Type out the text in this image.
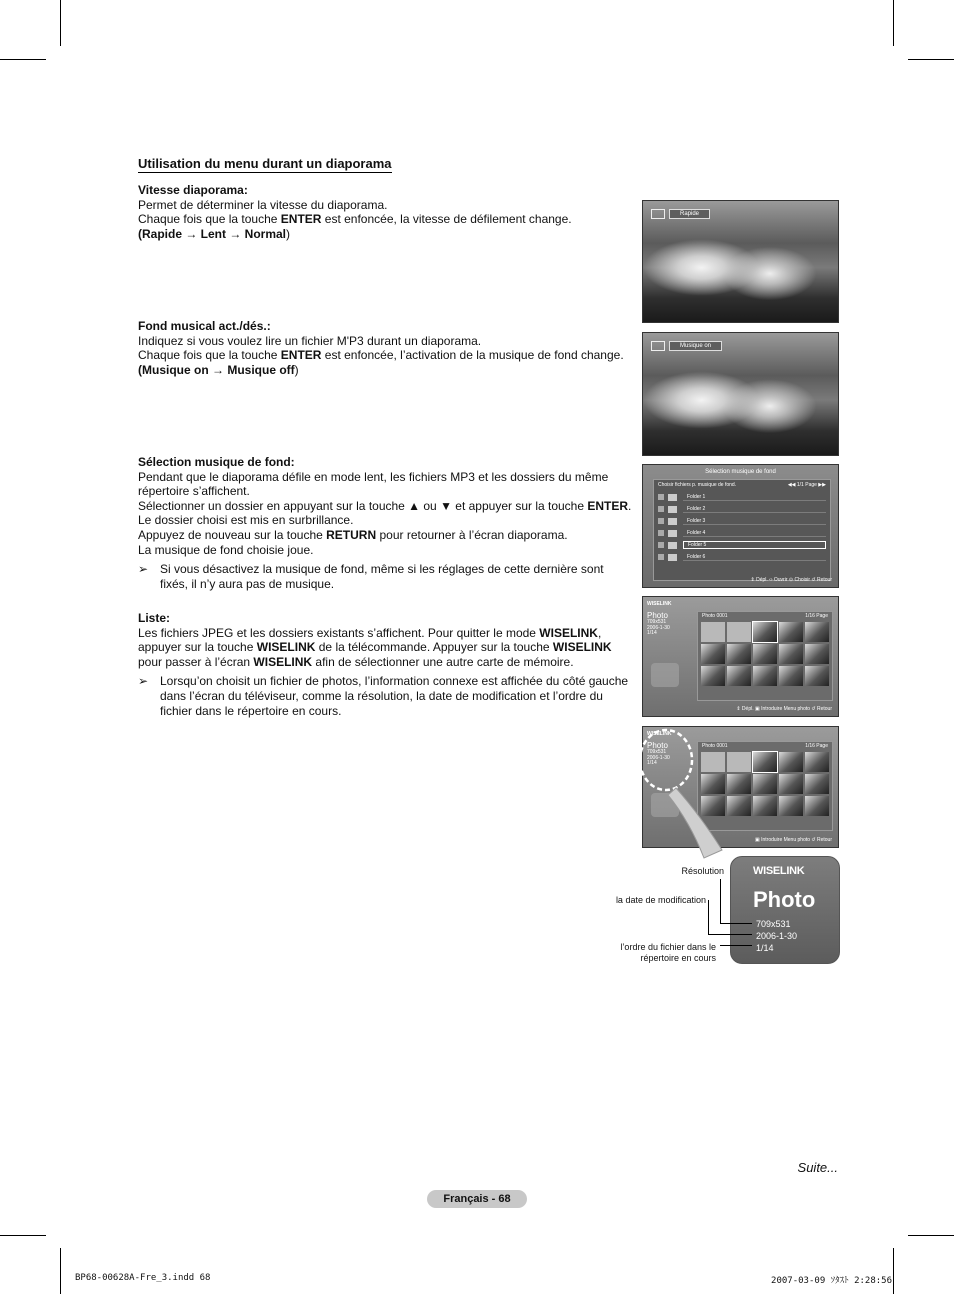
Utilisation du menu durant un diaporama

Vitesse diaporama:

Permet de déterminer la vitesse du diaporama.

Chaque fois que la touche ENTER est enfoncée, la vitesse de défilement change.

(Rapide → Lent → Normal)

Fond musical act./dés.:

Indiquez si vous voulez lire un fichier M'P3 durant un diaporama.

Chaque fois que la touche ENTER est enfoncée, l’activation de la musique de fond change.

(Musique on → Musique off)

Sélection musique de fond:

Pendant que le diaporama défile en mode lent, les fichiers MP3 et les dossiers du même répertoire s’affichent.

Sélectionner un dossier en appuyant sur la touche ▲ ou ▼ et appuyer sur la touche ENTER.

Le dossier choisi est mis en surbrillance.

Appuyez de nouveau sur la touche RETURN pour retourner à l’écran diaporama.

La musique de fond choisie joue.

➢ Si vous désactivez la musique de fond, même si les réglages de cette dernière sont fixés, il n’y aura pas de musique.

Liste:

Les fichiers JPEG et les dossiers existants s’affichent. Pour quitter le mode WISELINK, appuyer sur la touche WISELINK de la télécommande. Appuyer sur la touche WISELINK pour passer à l’écran WISELINK afin de sélectionner une autre carte de mémoire.

➢ Lorsqu’on choisit un fichier de photos, l’information connexe est affichée du côté gauche dans l’écran du téléviseur, comme la résolution, la date de modification et l’ordre du fichier dans le répertoire en cours.

Rapide
Musique on
Sélection musique de fond
Choisir fichiers p. musique de fond.	◀◀ 1/1 Page ▶▶
Folder 1
Folder 2
Folder 3
Folder 4
Folder 5
Folder 6
⇕ Dépl. ‹› Ouvrir ⊙ Choisir ↺ Retour
WISELINK
Photo
709x531
2006-1-30
1/14
Photo 0001	1/16 Page
⇕ Dépl. ▣ Introduire Menu photo ↺ Retour
WISELINK
Photo
709x531
2006-1-30
1/14
Photo 0001	1/16 Page
▣ Introduire Menu photo ↺ Retour
WISELINK
Photo
709x531
2006-1-30
1/14
Résolution
la date de modification
l’ordre du fichier dans le
répertoire en cours
Suite...
Français - 68
BP68-00628A-Fre_3.indd 68	2007-03-09 ｿﾀｽﾄ 2:28:56
